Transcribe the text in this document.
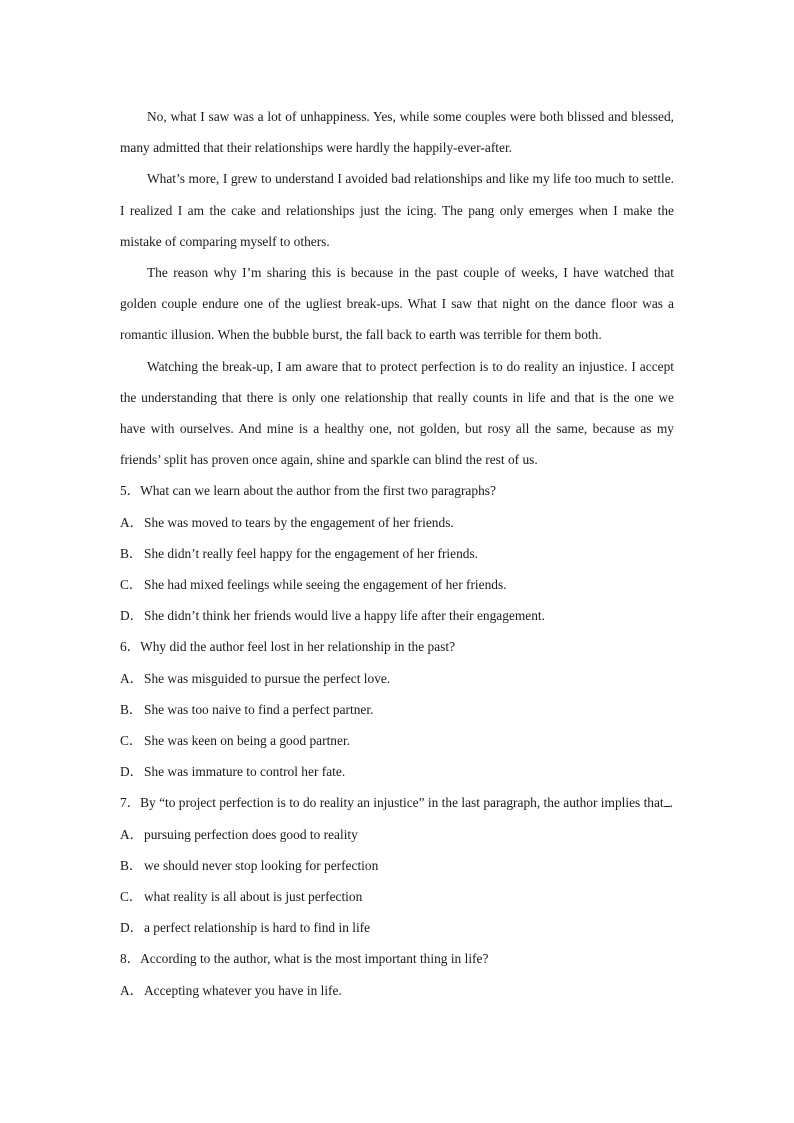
No, what I saw was a lot of unhappiness. Yes, while some couples were both blissed and blessed, many admitted that their relationships were hardly the happily-ever-after.

What’s more, I grew to understand I avoided bad relationships and like my life too much to settle. I realized I am the cake and relationships just the icing. The pang only emerges when I make the mistake of comparing myself to others.

The reason why I’m sharing this is because in the past couple of weeks, I have watched that golden couple endure one of the ugliest break-ups. What I saw that night on the dance floor was a romantic illusion. When the bubble burst, the fall back to earth was terrible for them both.

Watching the break-up, I am aware that to protect perfection is to do reality an injustice. I accept the understanding that there is only one relationship that really counts in life and that is the one we have with ourselves. And mine is a healthy one, not golden, but rosy all the same, because as my friends’ split has proven once again, shine and sparkle can blind the rest of us.

5．What can we learn about the author from the first two paragraphs?

A．She was moved to tears by the engagement of her friends.

B． She didn’t really feel happy for the engagement of her friends.

C． She had mixed feelings while seeing the engagement of her friends.

D．She didn’t think her friends would live a happy life after their engagement.

6．Why did the author feel lost in her relationship in the past?

A．She was misguided to pursue the perfect love.

B． She was too naive to find a perfect partner.

C． She was keen on being a good partner.

D．She was immature to control her fate.

7．By “to project perfection is to do reality an injustice” in the last paragraph, the author implies that .

A．pursuing perfection does good to reality

B． we should never stop looking for perfection

C． what reality is all about is just perfection

D．a perfect relationship is hard to find in life

8．According to the author, what is the most important thing in life?

A．Accepting whatever you have in life.
